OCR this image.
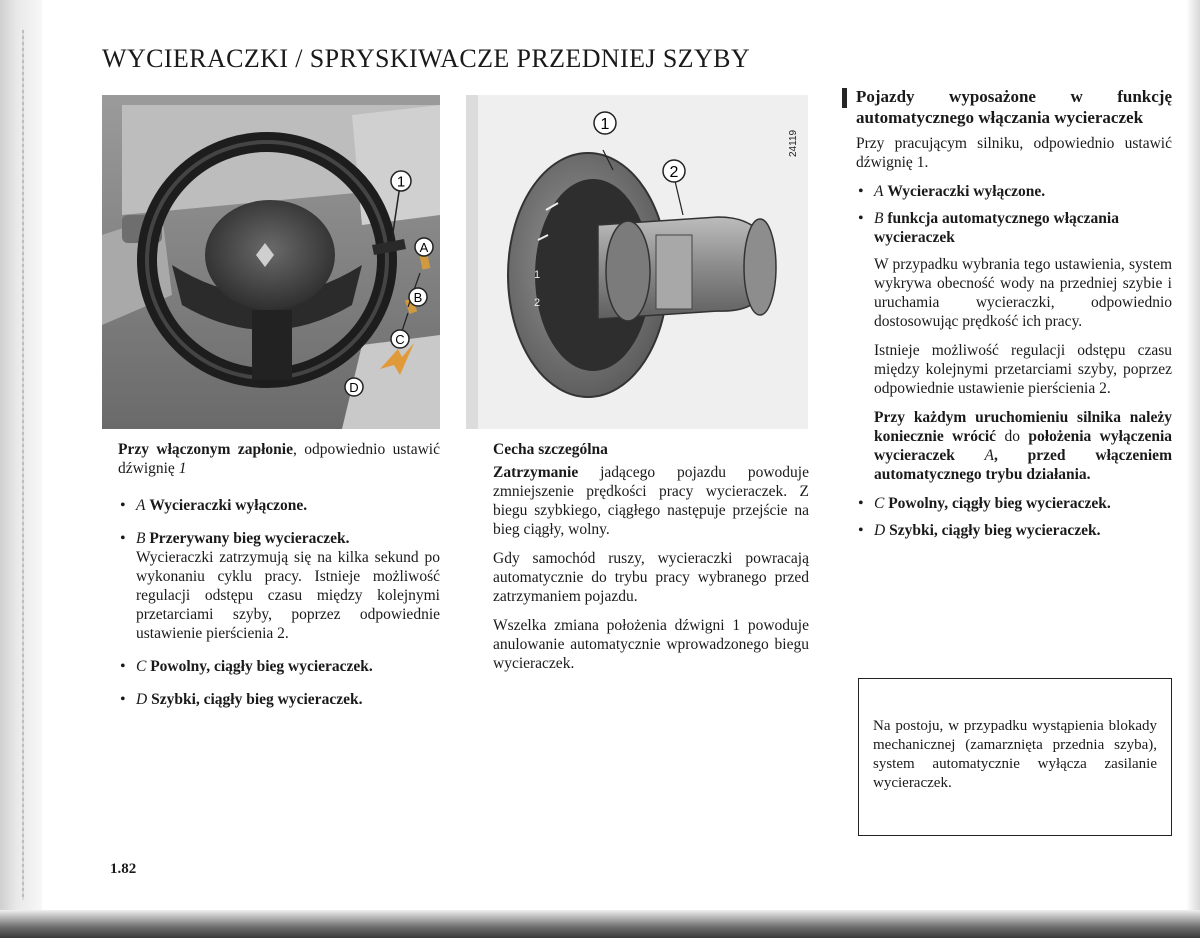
WYCIERACZKI / SPRYSKIWACZE PRZEDNIEJ SZYBY
1
A
B
C
D
1
2
24119
1
2

Przy włączonym zapłonie, odpowiednio ustawić dźwignię 1

• A Wycieraczki wyłączone.
• B Przerywany bieg wycieraczek.
Wycieraczki zatrzymują się na kilka sekund po wykonaniu cyklu pracy. Istnieje możliwość regulacji odstępu czasu między kolejnymi przetarciami szyby, poprzez odpowiednie ustawienie pierścienia 2.
• C Powolny, ciągły bieg wycieraczek.
• D Szybki, ciągły bieg wycieraczek.

Cecha szczególna

Zatrzymanie jadącego pojazdu powoduje zmniejszenie prędkości pracy wycieraczek. Z biegu szybkiego, ciągłego następuje przejście na bieg ciągły, wolny.

Gdy samochód ruszy, wycieraczki powracają automatycznie do trybu pracy wybranego przed zatrzymaniem pojazdu.

Wszelka zmiana położenia dźwigni 1 powoduje anulowanie automatycznie wprowadzonego biegu wycieraczek.

Pojazdy wyposażone w funkcję automatycznego włączania wycieraczek

Przy pracującym silniku, odpowiednio ustawić dźwignię 1.

• A Wycieraczki wyłączone.
• B funkcja automatycznego włączania wycieraczek

W przypadku wybrania tego ustawienia, system wykrywa obecność wody na przedniej szybie i uruchamia wycieraczki, odpowiednio dostosowując prędkość ich pracy.

Istnieje możliwość regulacji odstępu czasu między kolejnymi przetarciami szyby, poprzez odpowiednie ustawienie pierścienia 2.

Przy każdym uruchomieniu silnika należy koniecznie wrócić do położenia wyłączenia wycieraczek A, przed włączeniem automatycznego trybu działania.

• C Powolny, ciągły bieg wycieraczek.
• D Szybki, ciągły bieg wycieraczek.
Na postoju, w przypadku wystąpienia blokady mechanicznej (zamarznięta przednia szyba), system automatycznie wyłącza zasilanie wycieraczek.
1.82
